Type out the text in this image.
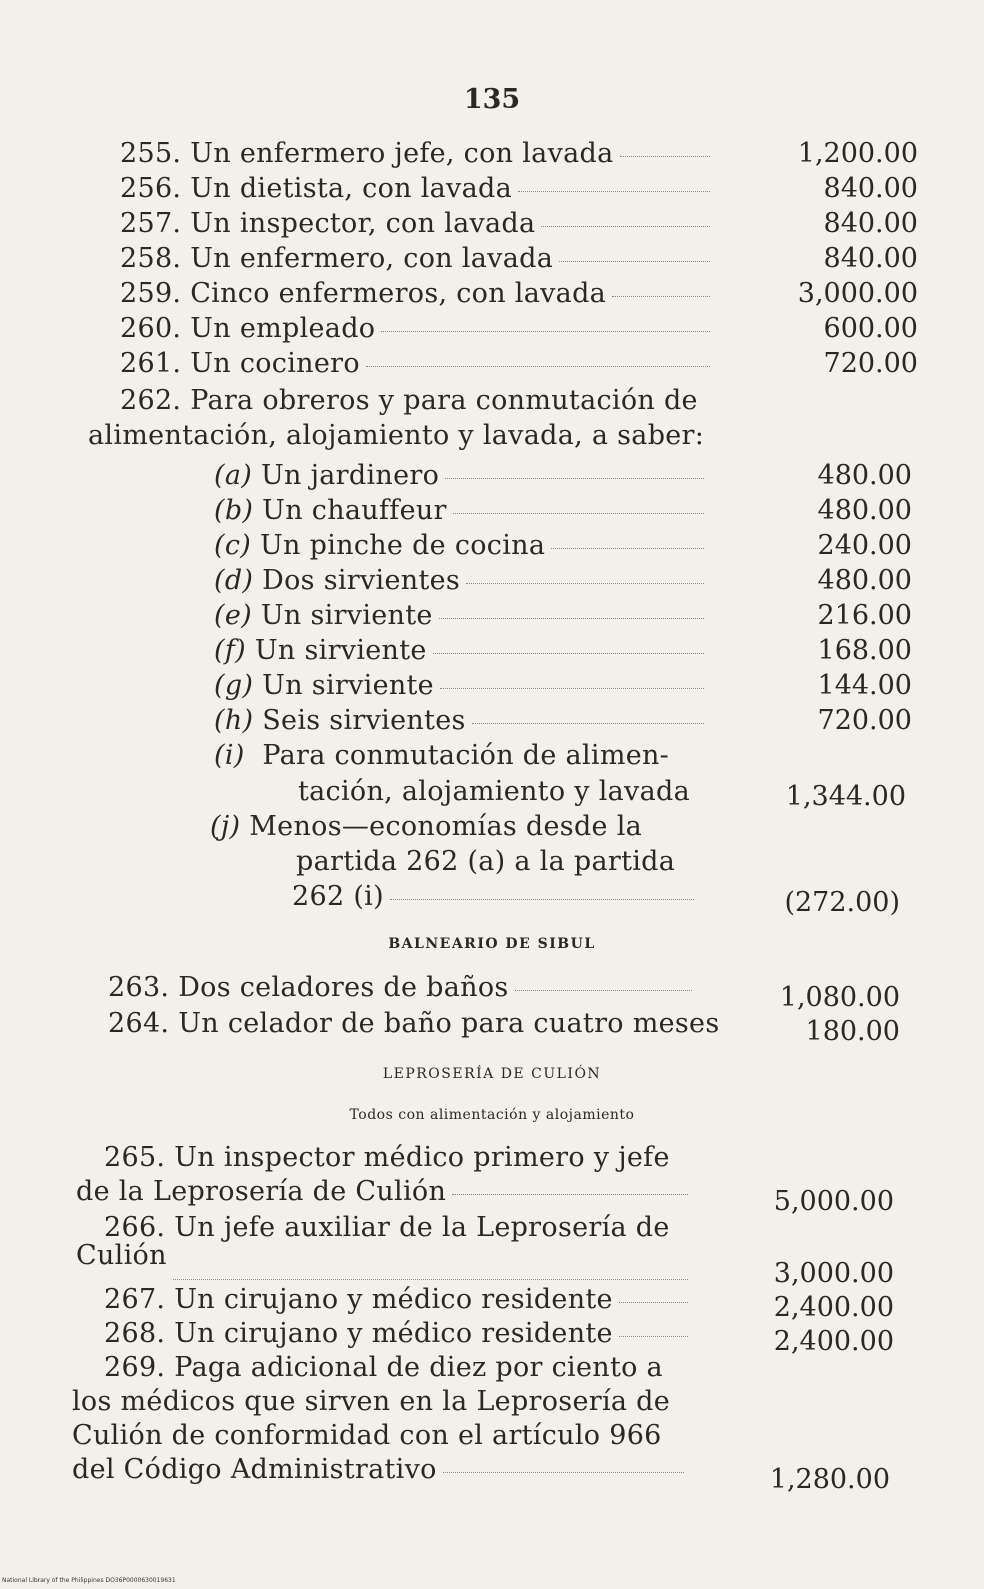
135
255. Un enfermero jefe, con lavada	1,200.00
256. Un dietista, con lavada	840.00
257. Un inspector, con lavada	840.00
258. Un enfermero, con lavada	840.00
259. Cinco enfermeros, con lavada	3,000.00
260. Un empleado	600.00
261. Un cocinero	720.00
262. Para obreros y para conmutación de
alimentación, alojamiento y lavada, a saber:
(a)
Un jardinero	480.00
(b)
Un chauffeur	480.00
(c)
Un pinche de cocina	240.00
(d)
Dos sirvientes	480.00
(e)
Un sirviente	216.00
(f)
Un sirviente	168.00
(g)
Un sirviente	144.00
(h)
Seis sirvientes	720.00
(i)
Para conmutación de alimen-
tación, alojamiento y lavada	1,344.00
(j)
Menos—economías desde la
partida 262 (a) a la partida
262 (i)	(272.00)
BALNEARIO DE SIBUL
263. Dos celadores de baños	1,080.00
264. Un celador de baño para cuatro meses	180.00
LEPROSERÍA DE CULIÓN
Todos con alimentación y alojamiento
265. Un inspector médico primero y jefe
de la Leprosería de Culión	5,000.00
266. Un jefe auxiliar de la Leprosería de
Culión
3,000.00
267. Un cirujano y médico residente	2,400.00
268. Un cirujano y médico residente	2,400.00
269. Paga adicional de diez por ciento a
los médicos que sirven en la Leprosería de
Culión de conformidad con el artículo 966
del Código Administrativo	1,280.00
National Library of the Philippines DO36P0000630019631
